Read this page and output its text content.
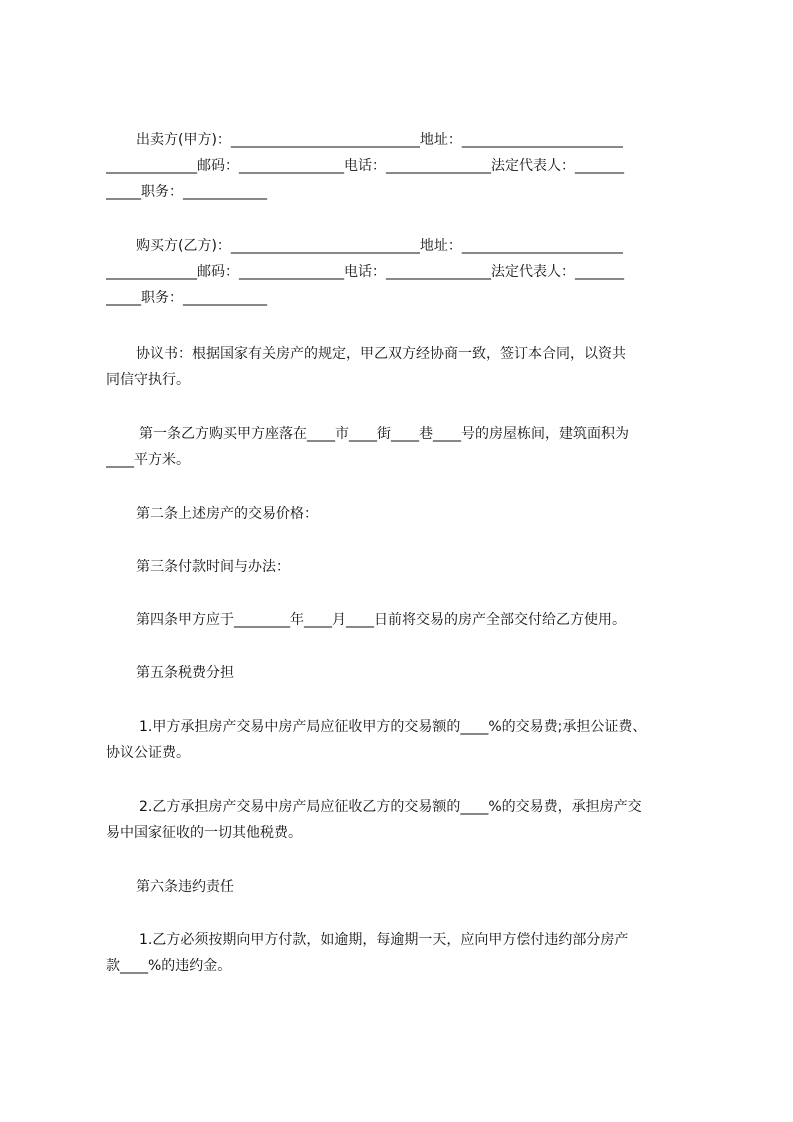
出卖方(甲方)：___________________________地址：_______________________
_____________邮码：_______________电话：_______________法定代表人：_______
_____职务：____________
购买方(乙方)：___________________________地址：_______________________
_____________邮码：_______________电话：_______________法定代表人：_______
_____职务：____________
协议书：根据国家有关房产的规定，甲乙双方经协商一致，签订本合同，以资共
同信守执行。
第一条乙方购买甲方座落在____市____街____巷____号的房屋栋间，建筑面积为
____平方米。
第二条上述房产的交易价格：
第三条付款时间与办法：
第四条甲方应于________年____月____日前将交易的房产全部交付给乙方使用。
第五条税费分担
1.甲方承担房产交易中房产局应征收甲方的交易额的____%的交易费;承担公证费、
协议公证费。
2.乙方承担房产交易中房产局应征收乙方的交易额的____%的交易费，承担房产交
易中国家征收的一切其他税费。
第六条违约责任
1.乙方必须按期向甲方付款，如逾期，每逾期一天，应向甲方偿付违约部分房产
款____%的违约金。
